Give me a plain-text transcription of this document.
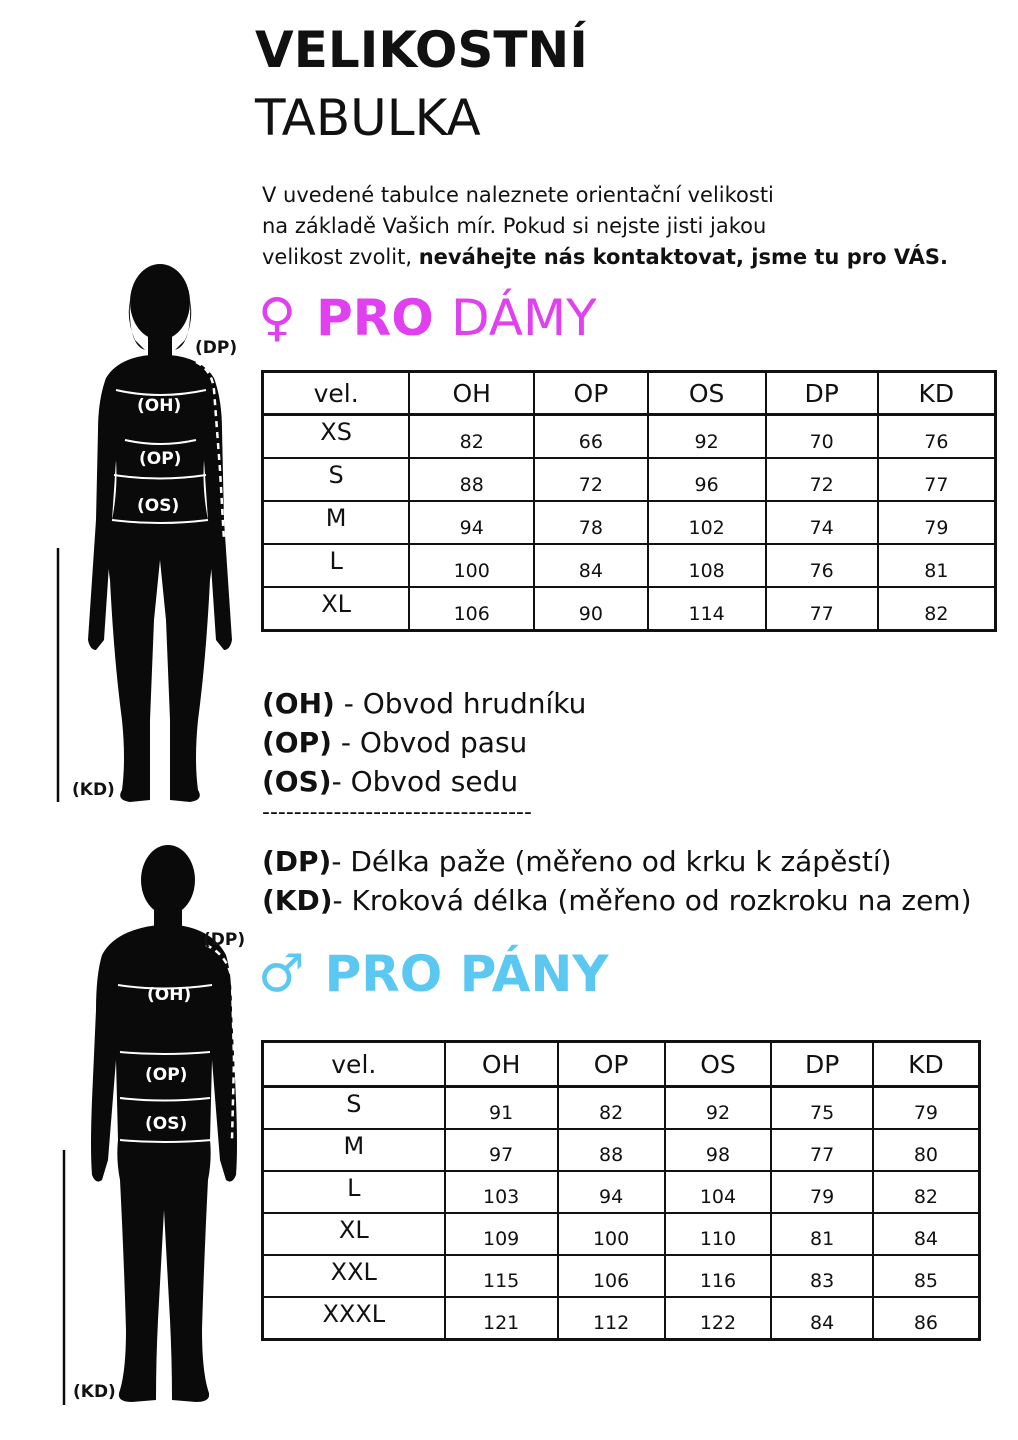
VELIKOSTNÍ
TABULKA
V uvedené tabulce naleznete orientační velikosti
na základě Vašich mír. Pokud si nejste jisti jakou
velikost zvolit, neváhejte nás kontaktovat, jsme tu pro VÁS.
(DP)
(OH)
(OP)
(OS)
(KD)
(DP)
(OH)
(OP)
(OS)
(KD)
♀ PRO DÁMY
vel.	OH	OP	OS	DP	KD
XS	82	66	92	70	76
S	88	72	96	72	77
M	94	78	102	74	79
L	100	84	108	76	81
XL	106	90	114	77	82
(OH) - Obvod hrudníku
(OP) - Obvod pasu
(OS)- Obvod sedu
----------------------------------
(DP)- Délka paže (měřeno od krku k zápěstí)
(KD)- Kroková délka (měřeno od rozkroku na zem)
♂ PRO PÁNY
vel.	OH	OP	OS	DP	KD
S	91	82	92	75	79
M	97	88	98	77	80
L	103	94	104	79	82
XL	109	100	110	81	84
XXL	115	106	116	83	85
XXXL	121	112	122	84	86
